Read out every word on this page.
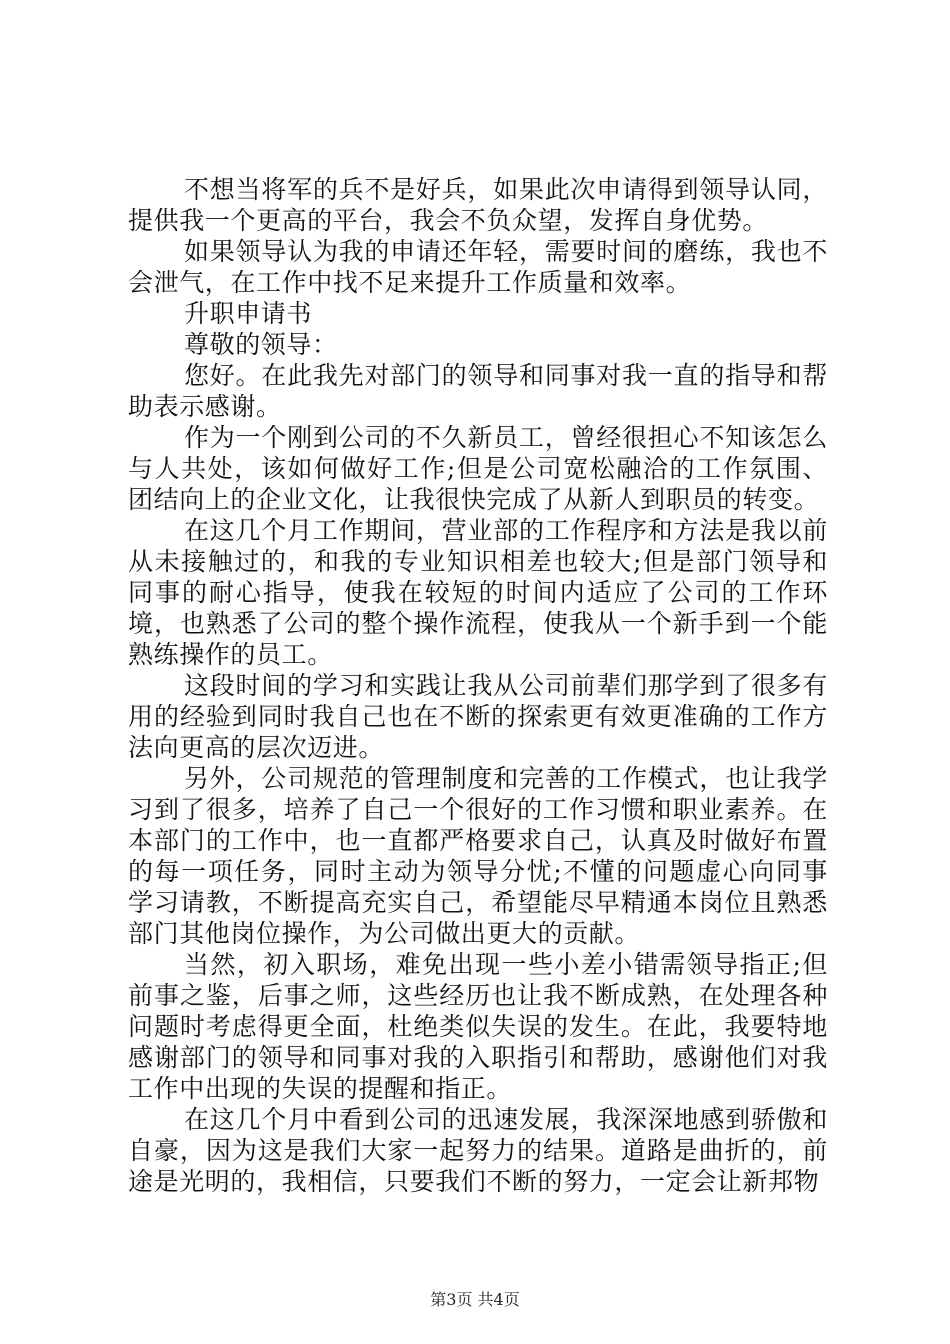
不想当将军的兵不是好兵，如果此次申请得到领导认同，提供我一个更高的平台，我会不负众望，发挥自身优势。

如果领导认为我的申请还年轻，需要时间的磨练，我也不会泄气，在工作中找不足来提升工作质量和效率。

升职申请书

尊敬的领导：

您好。在此我先对部门的领导和同事对我一直的指导和帮助表示感谢。

作为一个刚到公司的不久新员工，曾经很担心不知该怎么与人共处，该如何做好工作;但是公司宽松融洽的工作氛围、团结向上的企业文化，让我很快完成了从新人到职员的转变。

在这几个月工作期间，营业部的工作程序和方法是我以前从未接触过的，和我的专业知识相差也较大;但是部门领导和同事的耐心指导，使我在较短的时间内适应了公司的工作环境，也熟悉了公司的整个操作流程，使我从一个新手到一个能熟练操作的员工。

这段时间的学习和实践让我从公司前辈们那学到了很多有用的经验到同时我自己也在不断的探索更有效更准确的工作方法向更高的层次迈进。

另外，公司规范的管理制度和完善的工作模式，也让我学习到了很多，培养了自己一个很好的工作习惯和职业素养。在本部门的工作中，也一直都严格要求自己，认真及时做好布置的每一项任务，同时主动为领导分忧;不懂的问题虚心向同事学习请教，不断提高充实自己，希望能尽早精通本岗位且熟悉部门其他岗位操作，为公司做出更大的贡献。

当然，初入职场，难免出现一些小差小错需领导指正;但前事之鉴，后事之师，这些经历也让我不断成熟，在处理各种问题时考虑得更全面，杜绝类似失误的发生。在此，我要特地感谢部门的领导和同事对我的入职指引和帮助，感谢他们对我工作中出现的失误的提醒和指正。

在这几个月中看到公司的迅速发展，我深深地感到骄傲和自豪，因为这是我们大家一起努力的结果。道路是曲折的，前途是光明的，我相信，只要我们不断的努力，一定会让新邦物

第3页 共4页
